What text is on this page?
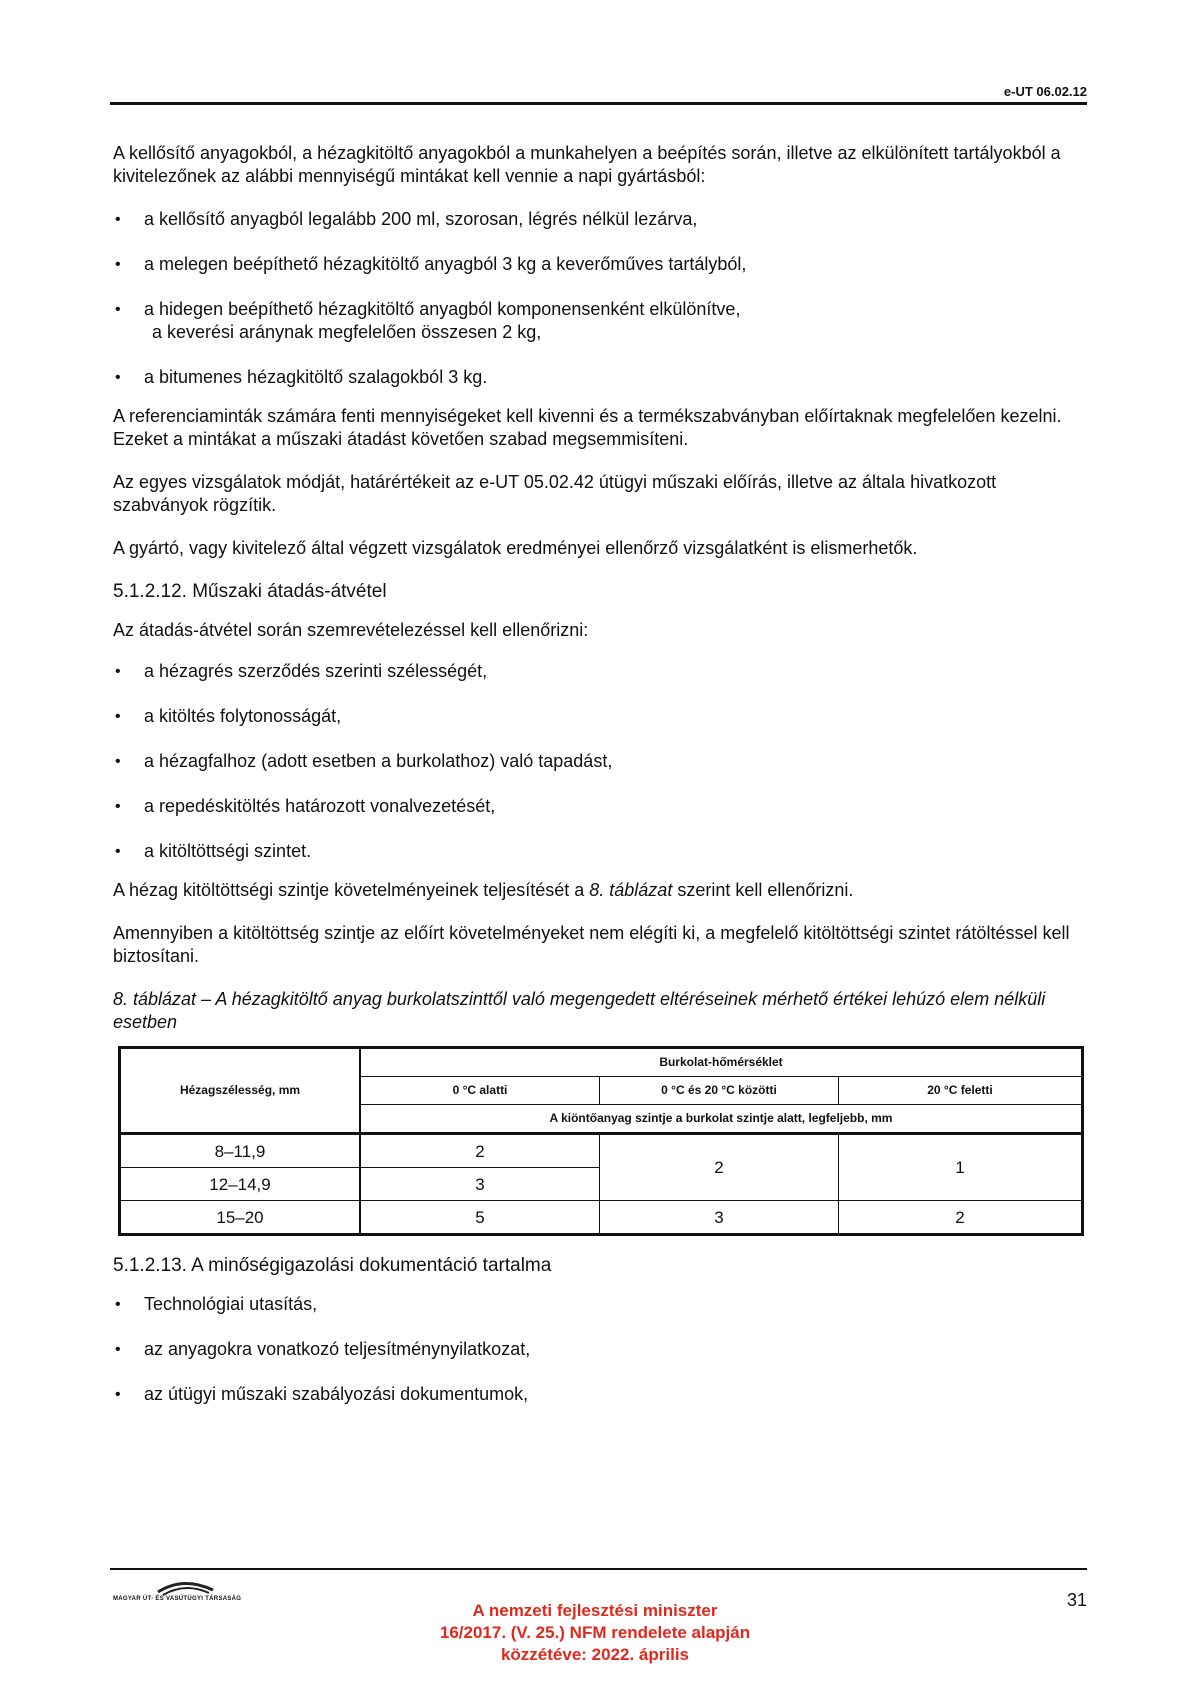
e-UT 06.02.12

A kellősítő anyagokból, a hézagkitöltő anyagokból a munkahelyen a beépítés során, illetve az elkülönített tartályokból a kivitelezőnek az alábbi mennyiségű mintákat kell vennie a napi gyártásból:

• a kellősítő anyagból legalább 200 ml, szorosan, légrés nélkül lezárva,
• a melegen beépíthető hézagkitöltő anyagból 3 kg a keverőműves tartályból,
• a hidegen beépíthető hézagkitöltő anyagból komponensenként elkülönítve,
a keverési aránynak megfelelően összesen 2 kg,
• a bitumenes hézagkitöltő szalagokból 3 kg.

A referenciaminták számára fenti mennyiségeket kell kivenni és a termékszabványban előírtaknak megfelelően kezelni. Ezeket a mintákat a műszaki átadást követően szabad megsemmisíteni.

Az egyes vizsgálatok módját, határértékeit az e-UT 05.02.42 útügyi műszaki előírás, illetve az általa hivatkozott szabványok rögzítik.

A gyártó, vagy kivitelező által végzett vizsgálatok eredményei ellenőrző vizsgálatként is elismerhetők.

5.1.2.12. Műszaki átadás-átvétel

Az átadás-átvétel során szemrevételezéssel kell ellenőrizni:

• a hézagrés szerződés szerinti szélességét,
• a kitöltés folytonosságát,
• a hézagfalhoz (adott esetben a burkolathoz) való tapadást,
• a repedéskitöltés határozott vonalvezetését,
• a kitöltöttségi szintet.

A hézag kitöltöttségi szintje követelményeinek teljesítését a 8. táblázat szerint kell ellenőrizni.

Amennyiben a kitöltöttség szintje az előírt követelményeket nem elégíti ki, a megfelelő kitöltöttségi szintet rátöltéssel kell biztosítani.

8. táblázat – A hézagkitöltő anyag burkolatszinttől való megengedett eltéréseinek mérhető értékei lehúzó elem nélküli esetben

Hézagszélesség, mm	Burkolat-hőmérséklet		
	0 °C alatti	0 °C és 20 °C közötti	20 °C feletti
	A kiöntőanyag szintje a burkolat szintje alatt, legfeljebb, mm		
8–11,9	2	2	1
12–14,9	3		
15–20	5	3	2

5.1.2.13. A minőségigazolási dokumentáció tartalma

• Technológiai utasítás,
• az anyagokra vonatkozó teljesítménynyilatkozat,
• az útügyi műszaki szabályozási dokumentumok,
MAGYAR ÚT- ÉS VASÚTÜGYI TÁRSASÁG	31
A nemzeti fejlesztési miniszter
16/2017. (V. 25.) NFM rendelete alapján
közzétéve: 2022. április
